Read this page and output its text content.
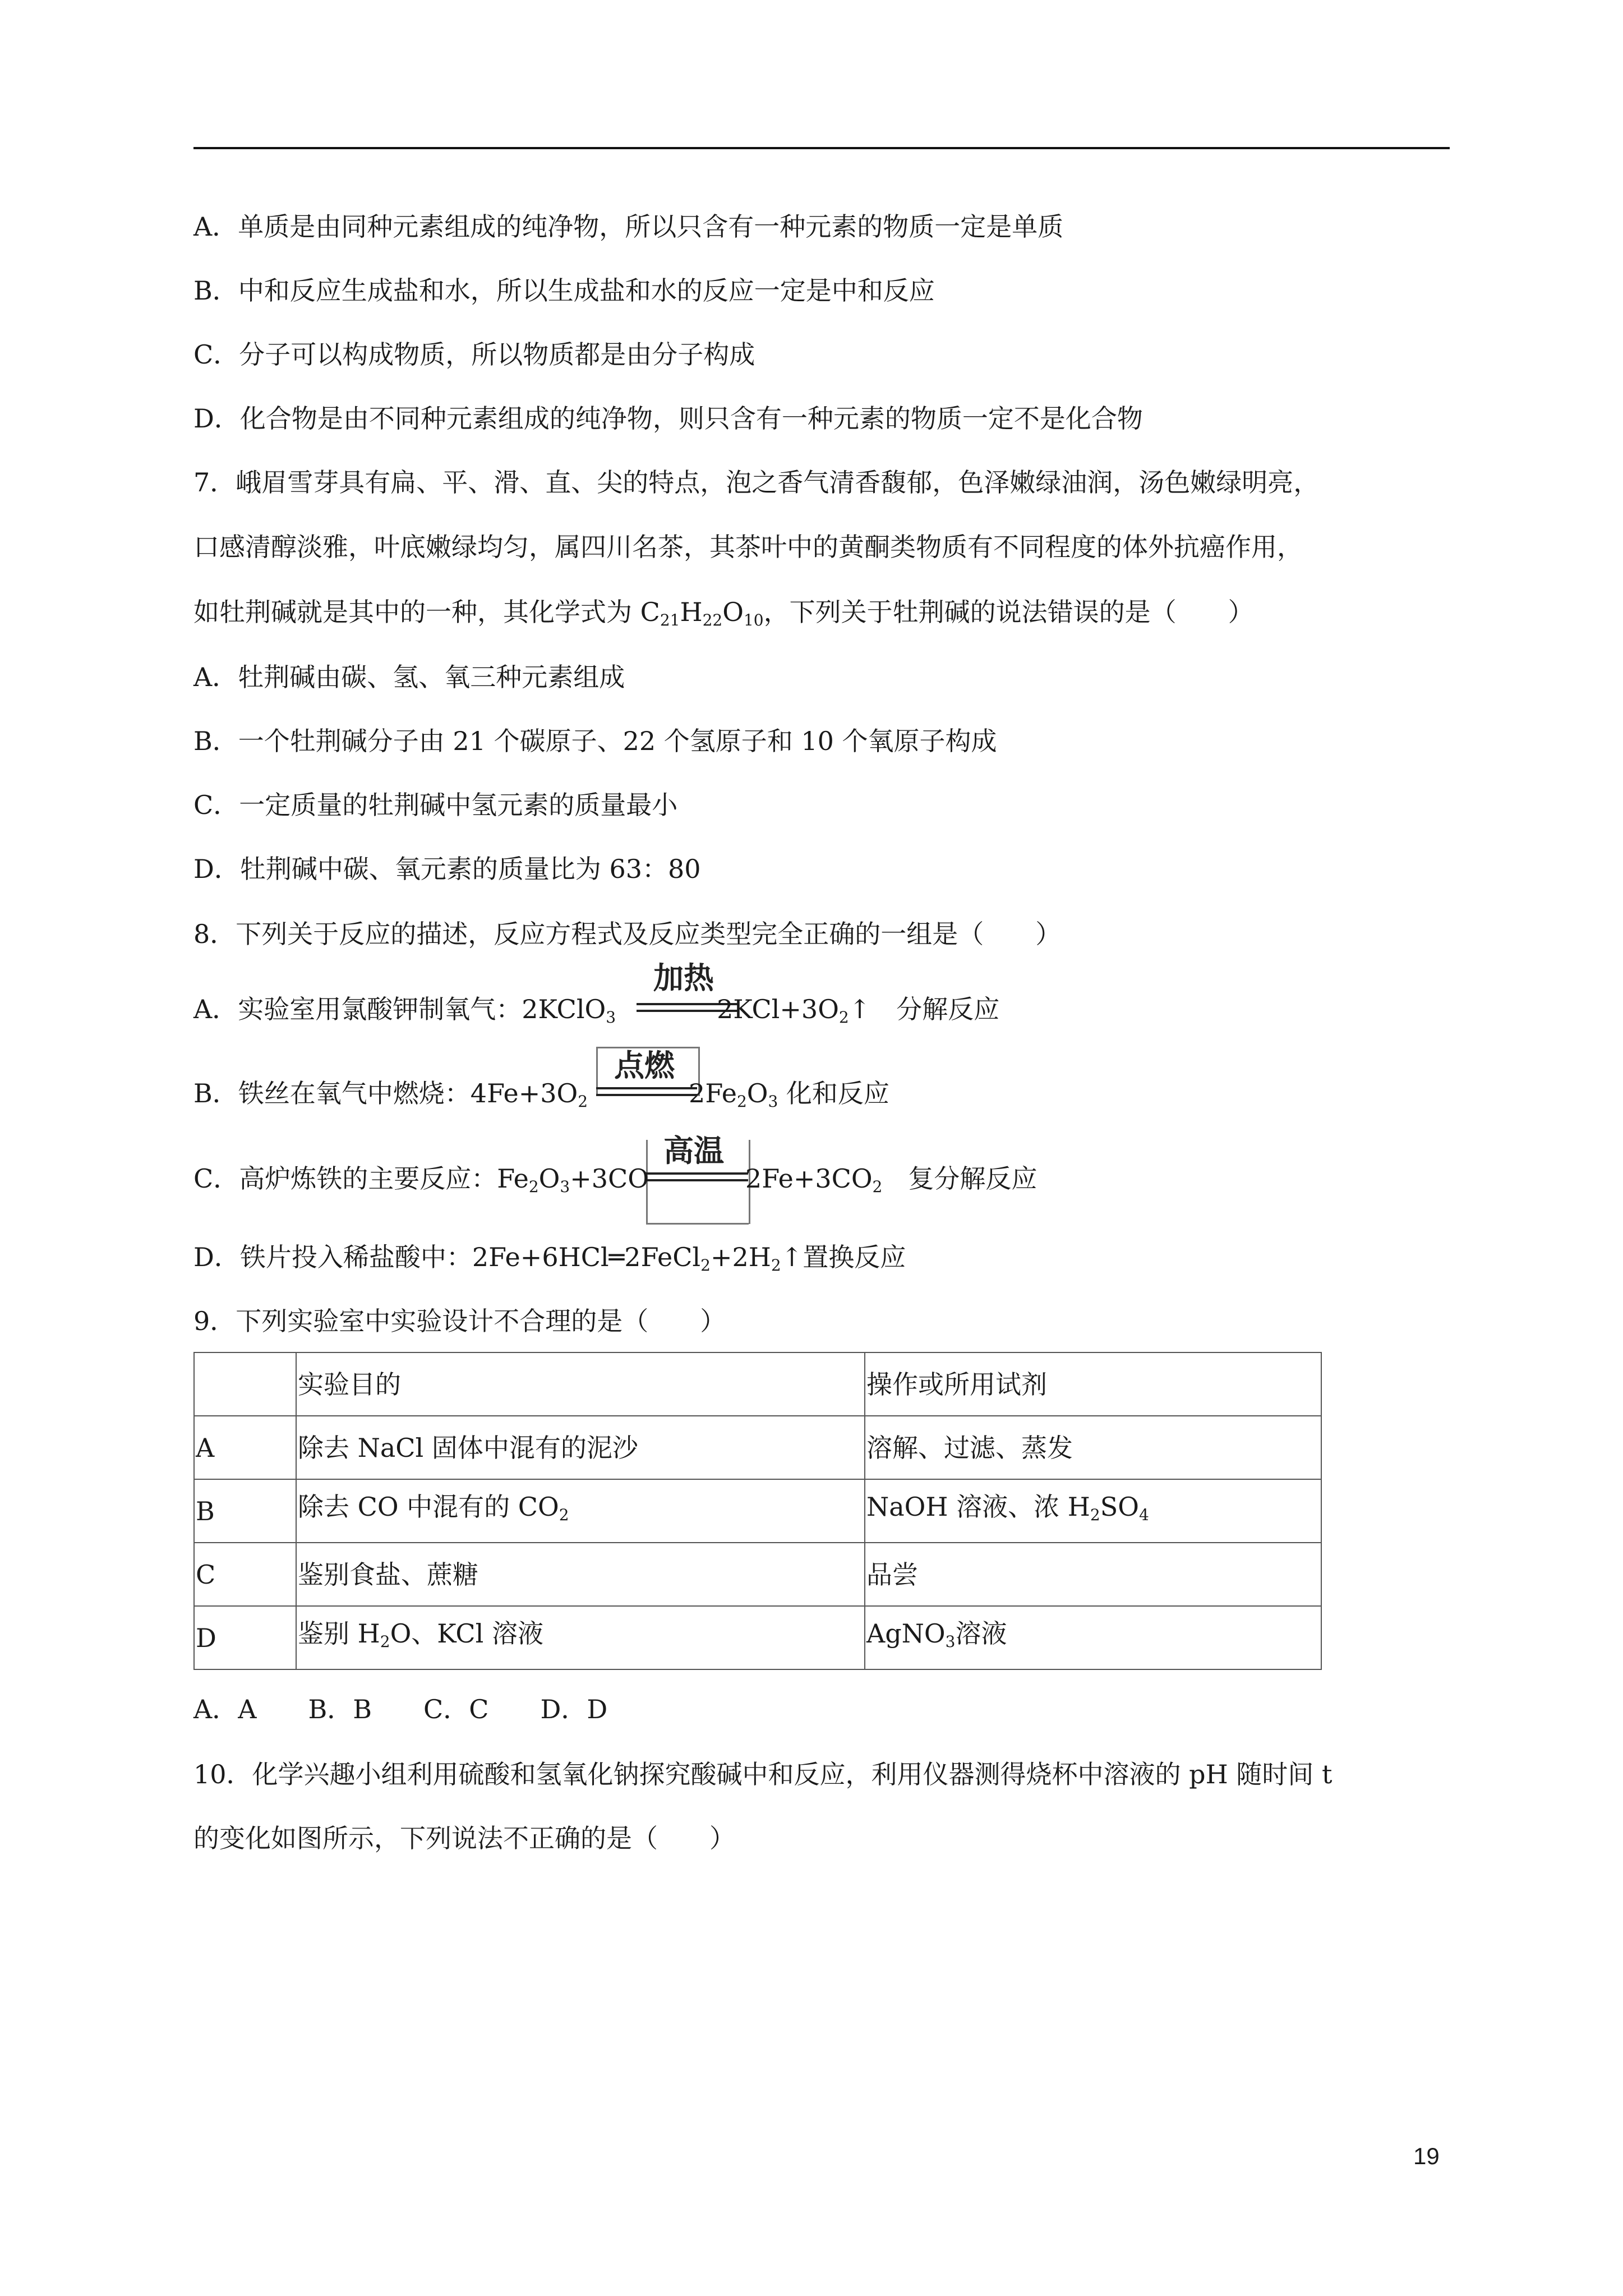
A．单质是由同种元素组成的纯净物，所以只含有一种元素的物质一定是单质
B．中和反应生成盐和水，所以生成盐和水的反应一定是中和反应
C．分子可以构成物质，所以物质都是由分子构成
D．化合物是由不同种元素组成的纯净物，则只含有一种元素的物质一定不是化合物
7．峨眉雪芽具有扁、平、滑、直、尖的特点，泡之香气清香馥郁，色泽嫩绿油润，汤色嫩绿明亮，
口感清醇淡雅，叶底嫩绿均匀，属四川名茶，其茶叶中的黄酮类物质有不同程度的体外抗癌作用，
如牡荆碱就是其中的一种，其化学式为 $C_{21}H_{22}O_{10}$，下列关于牡荆碱的说法错误的是（　　）
A．牡荆碱由碳、氢、氧三种元素组成
B．一个牡荆碱分子由 21 个碳原子、22 个氢原子和 10 个氧原子构成
C．一定质量的牡荆碱中氢元素的质量最小
D．牡荆碱中碳、氧元素的质量比为 63：80
8．下列关于反应的描述，反应方程式及反应类型完全正确的一组是（　　）
加热
A．实验室用氯酸钾制氧气：2KClO$_3$	$2KCl+3O_2↑$　分解反应
点燃
B．铁丝在氧气中燃烧：$4Fe+3O_2$	$2Fe_2O_3$ 化和反应
高温
C．高炉炼铁的主要反应：$Fe_2O_3+3CO$	$2Fe+3CO_2$　复分解反应
D．铁片投入稀盐酸中：$2Fe+6HCl═2FeCl_2+2H_2↑$置换反应
9．下列实验室中实验设计不合理的是（　　）
	实验目的	操作或所用试剂
A	除去 NaCl 固体中混有的泥沙	溶解、过滤、蒸发
B	除去 CO 中混有的 $CO_2$	NaOH 溶液、浓 $H_2SO_4$
C	鉴别食盐、蔗糖	品尝
D	鉴别 $H_2O$、KCl 溶液	AgNO$_3$溶液
A．A　　B．B　　C．C　　D．D
10．化学兴趣小组利用硫酸和氢氧化钠探究酸碱中和反应，利用仪器测得烧杯中溶液的 pH 随时间 t
的变化如图所示，下列说法不正确的是（　　）
19
